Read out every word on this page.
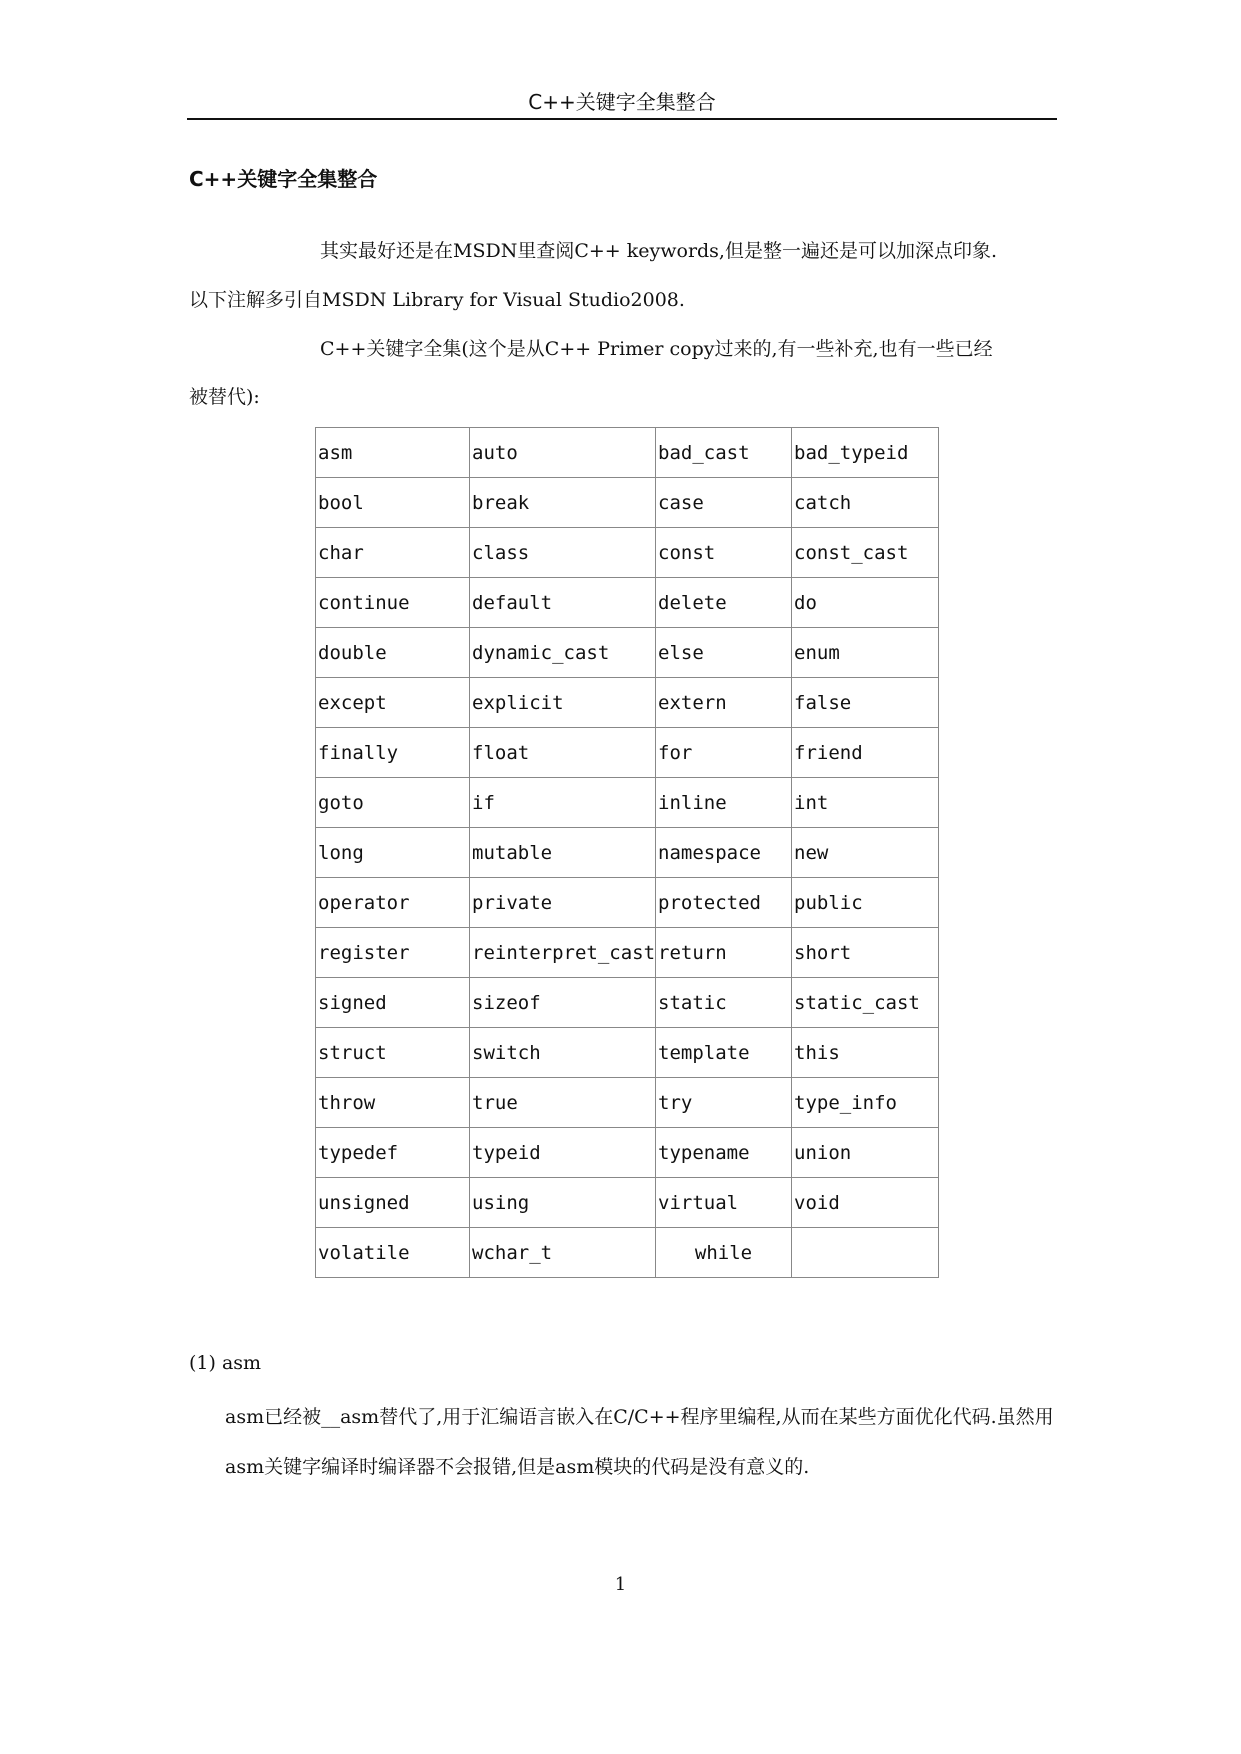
C++关键字全集整合
C++关键字全集整合
其实最好还是在MSDN里查阅C++ keywords,但是整一遍还是可以加深点印象.
以下注解多引自MSDN Library for Visual Studio2008.
C++关键字全集(这个是从C++ Primer copy过来的,有一些补充,也有一些已经
被替代):
asm	auto	bad_cast	bad_typeid
bool	break	case	catch
char	class	const	const_cast
continue	default	delete	do
double	dynamic_cast	else	enum
except	explicit	extern	false
finally	float	for	friend
goto	if	inline	int
long	mutable	namespace	new
operator	private	protected	public
register	reinterpret_cast	return	short
signed	sizeof	static	static_cast
struct	switch	template	this
throw	true	try	type_info
typedef	typeid	typename	union
unsigned	using	virtual	void
volatile	wchar_t	while	
(1) asm
asm已经被__asm替代了,用于汇编语言嵌入在C/C++程序里编程,从而在某些方面优化代码.虽然用asm关键字编译时编译器不会报错,但是asm模块的代码是没有意义的.
1
